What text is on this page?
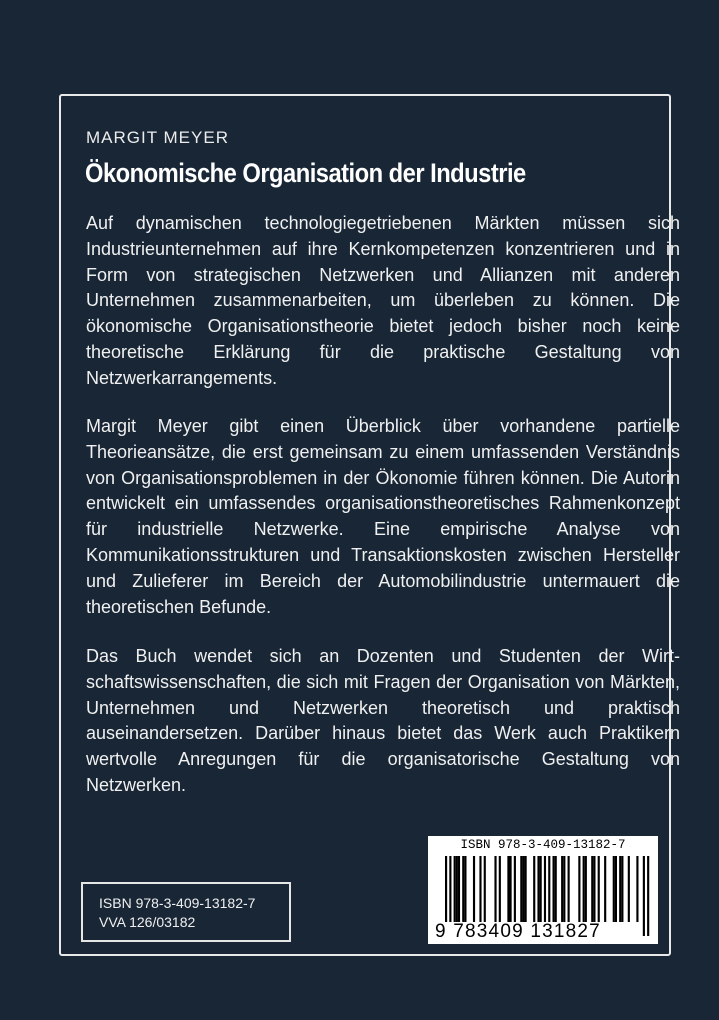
MARGIT MEYER
Ökonomische Organisation der Industrie

Auf dynamischen technologiegetriebenen Märkten müssen sich Industrieunternehmen auf ihre Kernkompetenzen konzentrieren und in Form von strategischen Netzwerken und Allianzen mit anderen Unternehmen zusammenarbeiten, um überleben zu können. Die ökonomische Organisationstheorie bietet jedoch bisher noch keine theoretische Erklärung für die praktische Gestaltung von Netzwerkarrangements.

Margit Meyer gibt einen Überblick über vorhandene partielle Theorieansätze, die erst gemeinsam zu einem umfassenden Verständnis von Organisationsproblemen in der Ökonomie führen können. Die Autorin entwickelt ein umfassendes organisationstheoretisches Rahmenkonzept für industrielle Netzwerke. Eine empirische Analyse von Kommunikationsstrukturen und Transaktionskosten zwischen Hersteller und Zulieferer im Bereich der Automobilindustrie untermauert die theoretischen Befunde.

Das Buch wendet sich an Dozenten und Studenten der Wirtschaftswissenschaften, die sich mit Fragen der Organisation von Märkten, Unternehmen und Netzwerken theoretisch und praktisch auseinandersetzen. Darüber hinaus bietet das Werk auch Praktikern wertvolle Anregungen für die organisatorische Gestaltung von Netzwerken.

ISBN 978-3-409-13182-7
VVA 126/03182
ISBN 978-3-409-13182-7
9 783409 131827
